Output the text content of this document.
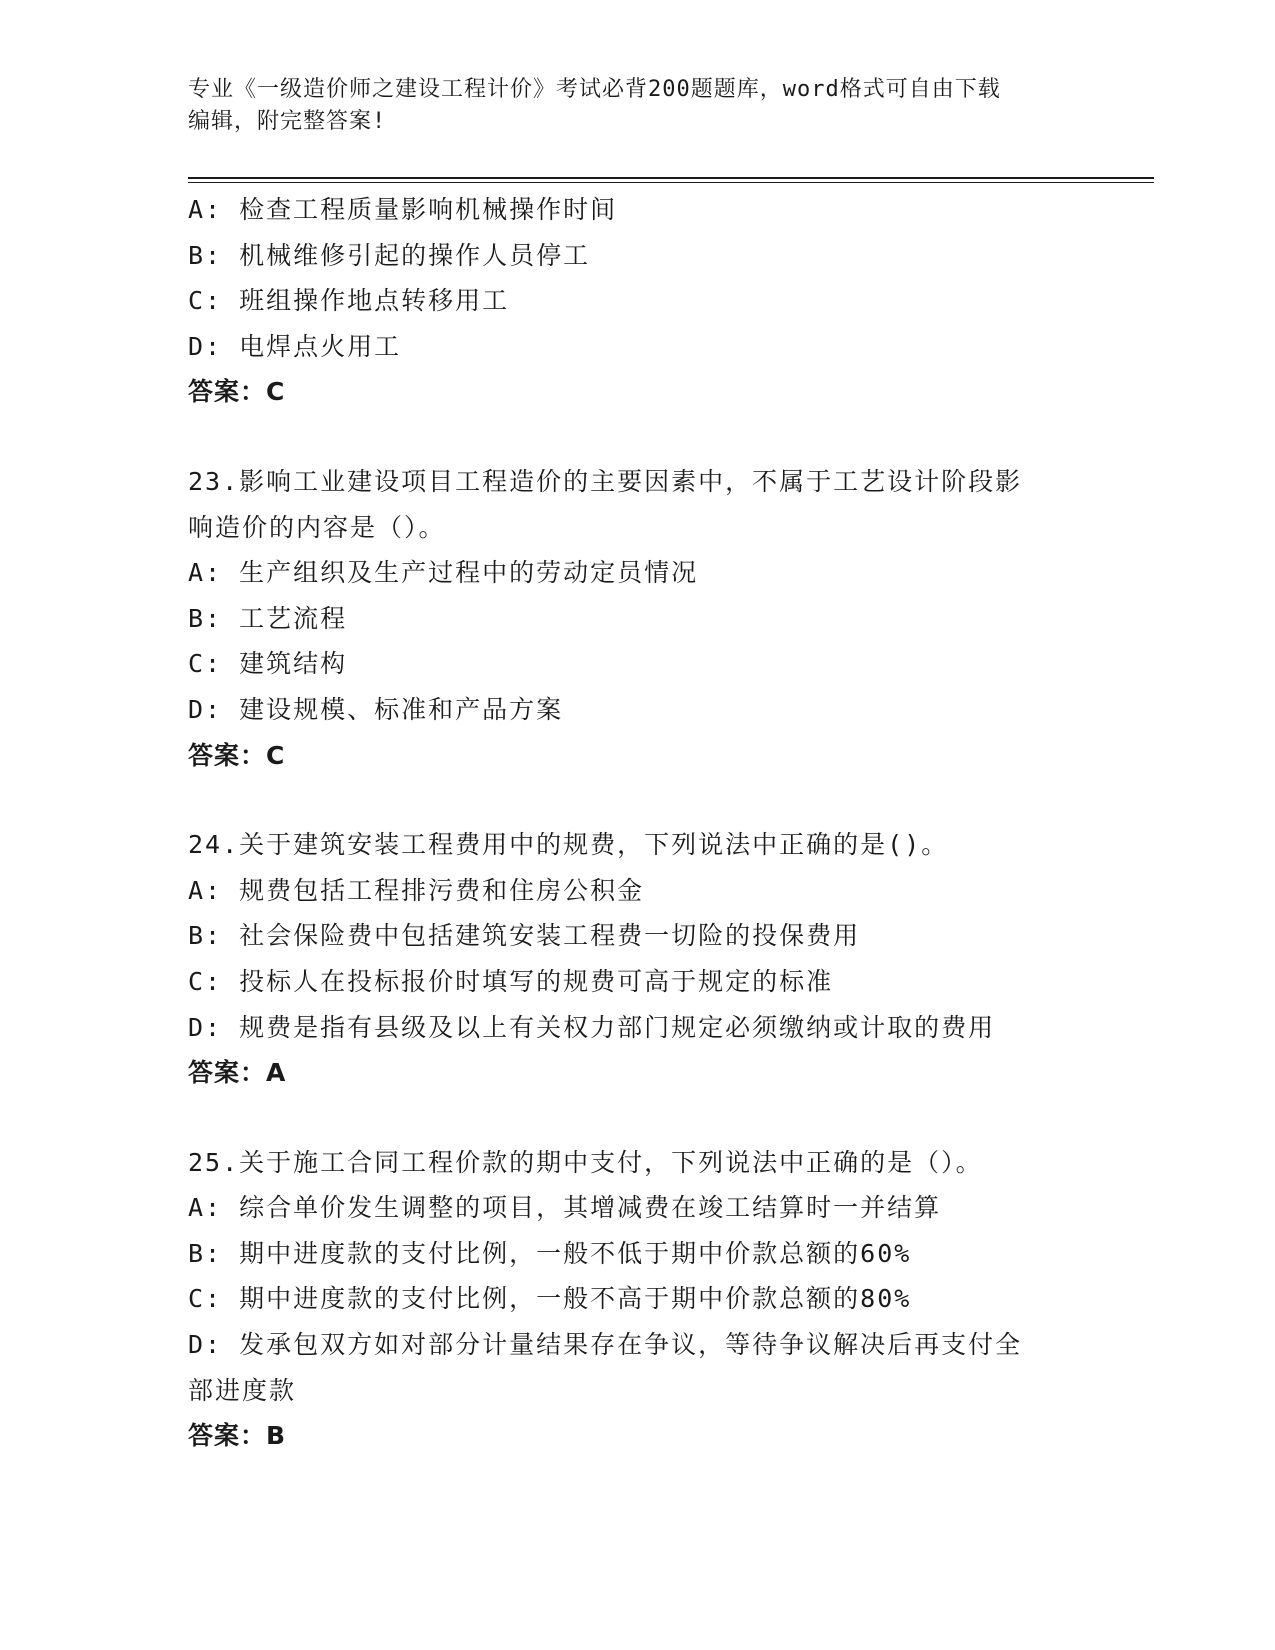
专业《一级造价师之建设工程计价》考试必背200题题库，word格式可自由下载
编辑，附完整答案!
A: 检查工程质量影响机械操作时间
B: 机械维修引起的操作人员停工
C: 班组操作地点转移用工
D: 电焊点火用工
答案：C
23.影响工业建设项目工程造价的主要因素中，不属于工艺设计阶段影
响造价的内容是（）。
A: 生产组织及生产过程中的劳动定员情况
B: 工艺流程
C: 建筑结构
D: 建设规模、标准和产品方案
答案：C
24.关于建筑安装工程费用中的规费，下列说法中正确的是()。
A: 规费包括工程排污费和住房公积金
B: 社会保险费中包括建筑安装工程费一切险的投保费用
C: 投标人在投标报价时填写的规费可高于规定的标准
D: 规费是指有县级及以上有关权力部门规定必须缴纳或计取的费用
答案：A
25.关于施工合同工程价款的期中支付，下列说法中正确的是（）。
A: 综合单价发生调整的项目，其增减费在竣工结算时一并结算
B: 期中进度款的支付比例，一般不低于期中价款总额的60%
C: 期中进度款的支付比例，一般不高于期中价款总额的80%
D: 发承包双方如对部分计量结果存在争议，等待争议解决后再支付全
部进度款
答案：B
